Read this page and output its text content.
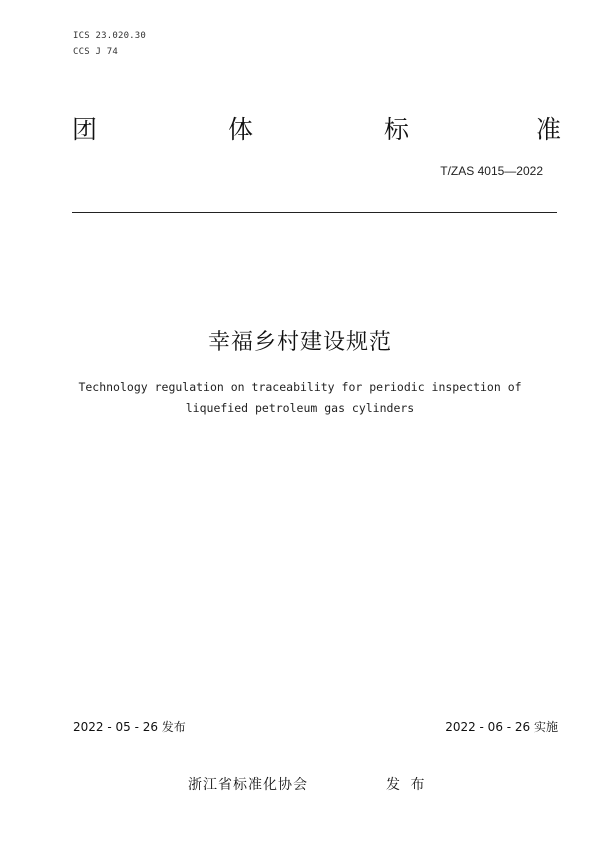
ICS 23.020.30
CCS J 74
团	体	标	准
T/ZAS 4015—2022
幸福乡村建设规范
Technology regulation on traceability for periodic inspection of
liquefied petroleum gas cylinders
2022 - 05 - 26 发布	2022 - 06 - 26 实施
浙江省标准化协会	发 布
